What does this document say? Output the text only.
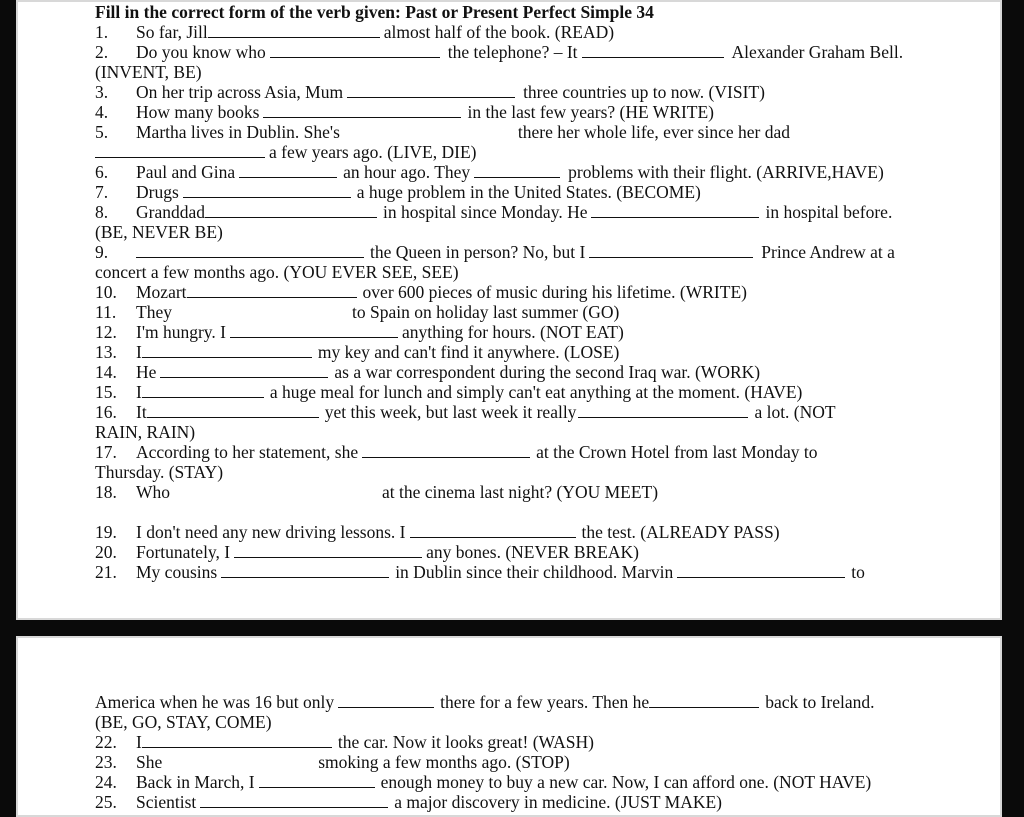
Fill in the correct form of the verb given: Past or Present Perfect Simple 34
1. So far, Jill	almost half of the book. (READ)
2. Do you know who	the telephone? – It	Alexander Graham Bell.
(INVENT, BE)
3. On her trip across Asia, Mum	three countries up to now. (VISIT)
4. How many books	in the last few years? (HE WRITE)
5. Martha lives in Dublin. She's	there her whole life, ever since her dad
a few years ago. (LIVE, DIE)
6. Paul and Gina	an hour ago. They	problems with their flight. (ARRIVE,HAVE)
7. Drugs	a huge problem in the United States. (BECOME)
8. Granddad	in hospital since Monday. He	in hospital before.
(BE, NEVER BE)
9.	the Queen in person? No, but I	Prince Andrew at a
concert a few months ago. (YOU EVER SEE, SEE)
10. Mozart	over 600 pieces of music during his lifetime. (WRITE)
11. They	to Spain on holiday last summer (GO)
12. I'm hungry. I	anything for hours. (NOT EAT)
13. I	my key and can't find it anywhere. (LOSE)
14. He	as a war correspondent during the second Iraq war. (WORK)
15. I	a huge meal for lunch and simply can't eat anything at the moment. (HAVE)
16. It	yet this week, but last week it really	a lot. (NOT
RAIN, RAIN)
17. According to her statement, she	at the Crown Hotel from last Monday to
Thursday. (STAY)
18. Who	at the cinema last night? (YOU MEET)
19. I don't need any new driving lessons. I	the test. (ALREADY PASS)
20. Fortunately, I	any bones. (NEVER BREAK)
21. My cousins	in Dublin since their childhood. Marvin	to
America when he was 16 but only	there for a few years. Then he	back to Ireland.
(BE, GO, STAY, COME)
22. I	the car. Now it looks great! (WASH)
23. She	smoking a few months ago. (STOP)
24. Back in March, I	enough money to buy a new car. Now, I can afford one. (NOT HAVE)
25. Scientist	a major discovery in medicine. (JUST MAKE)
